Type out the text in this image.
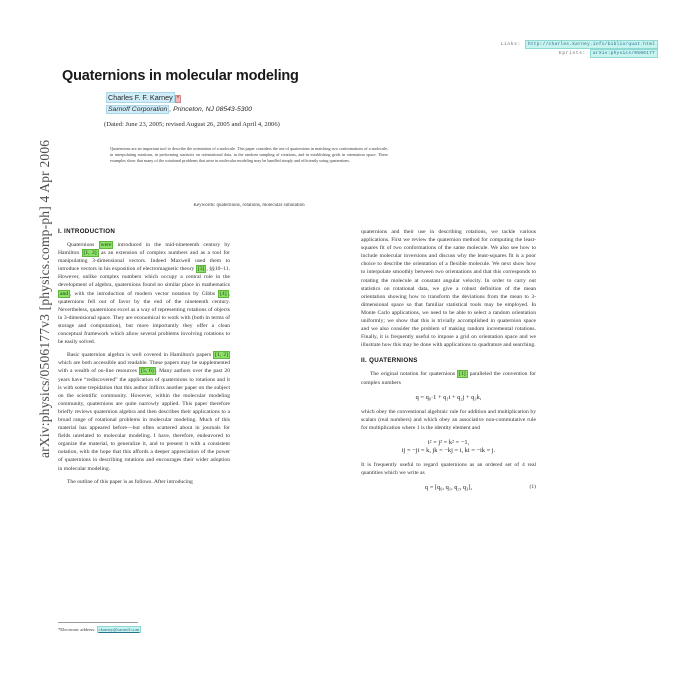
Links:	http://charles.karney.info/biblio/quat.html
Eprints:	arXiv:physics/0506177
arXiv:physics/0506177v3 [physics.comp-ph] 4 Apr 2006
Quaternions in molecular modeling
Charles F. F. Karney *
Sarnoff Corporation , Princeton, NJ 08543-5300
(Dated: June 23, 2005; revised August 26, 2005 and April 4, 2006)
Quaternions are an important tool to describe the orientation of a molecule. This paper considers the use of quaternions in matching two conformations of a molecule, in interpolating rotations, in performing statistics on orientational data, in the random sampling of rotations, and in establishing grids in orientation space. These examples show that many of the rotational problems that arise in molecular modeling may be handled simply and efficiently using quaternions.
Keywords: quaternions, rotations, molecular simulation
I. INTRODUCTION

Quaternions were introduced in the mid-nineteenth century by Hamilton [1, 2] as an extension of complex numbers and as a tool for manipulating 3-dimensional vectors. Indeed Maxwell used them to introduce vectors in his exposition of electromagnetic theory [3] , §§10–11. However, unlike complex numbers which occupy a central role in the development of algebra, quaternions found no similar place in mathematics and , with the introduction of modern vector notation by Gibbs [4] , quaternions fell out of favor by the end of the nineteenth century. Nevertheless, quaternions excel as a way of representing rotations of objects in 3-dimensional space. They are economical to work with (both in terms of storage and computation), but more importantly they offer a clean conceptual framework which allow several problems involving rotations to be easily solved.

Basic quaternion algebra is well covered in Hamilton's papers [1, 2] which are both accessible and readable. These papers may be supplemented with a wealth of on-line resources [5, 6] . Many authors over the past 20 years have “rediscovered” the application of quaternions to rotations and it is with some trepidation that this author inflicts another paper on the subject on the scientific community. However, within the molecular modeling community, quaternions are quite narrowly applied. This paper therefore briefly reviews quaternion algebra and then describes their applications to a broad range of rotational problems in molecular modeling. Much of this material has appeared before—but often scattered about in journals for fields unrelated to molecular modeling. I have, therefore, endeavored to organize the material, to generalize it, and to present it with a consistent notation, with the hope that this affords a deeper appreciation of the power of quaternions in describing rotations and encourages their wider adoption in molecular modeling.

The outline of this paper is as follows. After introducing

quaternions and their use in describing rotations, we tackle various applications. First we review the quaternion method for computing the least-squares fit of two conformations of the same molecule. We also see how to include molecular inversions and discuss why the least-squares fit is a poor choice to describe the orientation of a flexible molecule. We next show how to interpolate smoothly between two orientations and that this corresponds to rotating the molecule at constant angular velocity. In order to carry out statistics on rotational data, we give a robust definition of the mean orientation showing how to transform the deviations from the mean to 3-dimensional space so that familiar statistical tools may be employed. In Monte Carlo applications, we need to be able to select a random orientation uniformly; we show that this is trivially accomplished in quaternion space and we also consider the problem of making random incremental rotations. Finally, it is frequently useful to impose a grid on orientation space and we illustrate how this may be done with applications to quadrature and searching.

II. QUATERNIONS

The original notation for quaternions [1] paralleled the convention for complex numbers

q = q₀·1 + q₁i + q₂j + q₃k,

which obey the conventional algebraic rule for addition and multiplication by scalars (real numbers) and which obey an associative non-commutative rule for multiplication where 1 is the identity element and

i² = j² = k² = −1,
ij = −ji = k, jk = −kj = i, ki = −ik = j.

It is frequently useful to regard quaternions as an ordered set of 4 real quantities which we write as

q = [q₀, q₁, q₂, q₃],	(1)
*Electronic address: ckarney@sarnoff.com
